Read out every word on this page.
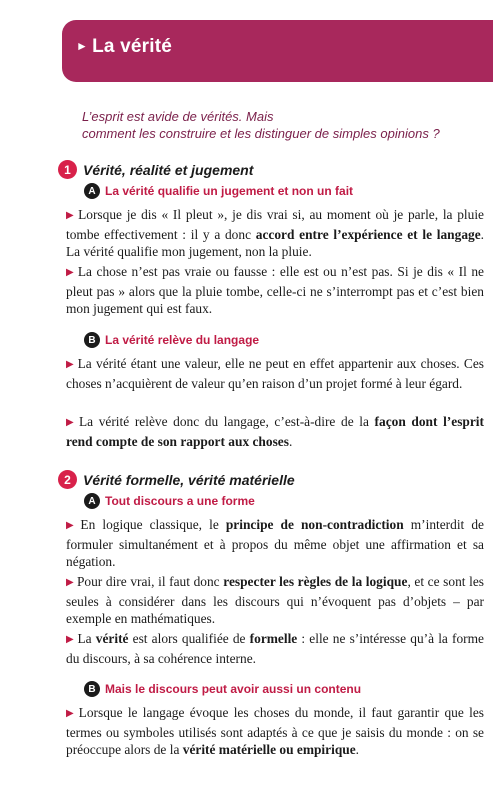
► La vérité
L’esprit est avide de vérités. Mais
comment les construire et les distinguer de simples opinions ?
1 Vérité, réalité et jugement
A La vérité qualifie un jugement et non un fait
▶ Lorsque je dis « Il pleut », je dis vrai si, au moment où je parle, la pluie tombe effectivement : il y a donc accord entre l’expérience et le langage. La vérité qualifie mon jugement, non la pluie.
▶ La chose n’est pas vraie ou fausse : elle est ou n’est pas. Si je dis « Il ne pleut pas » alors que la pluie tombe, celle-ci ne s’interrompt pas et c’est bien mon jugement qui est faux.
B La vérité relève du langage
▶ La vérité étant une valeur, elle ne peut en effet appartenir aux choses. Ces choses n’acquièrent de valeur qu’en raison d’un projet formé à leur égard.
▶ La vérité relève donc du langage, c’est-à-dire de la façon dont l’esprit rend compte de son rapport aux choses.
2 Vérité formelle, vérité matérielle
A Tout discours a une forme
▶ En logique classique, le principe de non-contradiction m’interdit de formuler simultanément et à propos du même objet une affirmation et sa négation.
▶ Pour dire vrai, il faut donc respecter les règles de la logique, et ce sont les seules à considérer dans les discours qui n’évoquent pas d’objets – par exemple en mathématiques.
▶ La vérité est alors qualifiée de formelle : elle ne s’intéresse qu’à la forme du discours, à sa cohérence interne.
B Mais le discours peut avoir aussi un contenu
▶ Lorsque le langage évoque les choses du monde, il faut garantir que les termes ou symboles utilisés sont adaptés à ce que je saisis du monde : on se préoccupe alors de la vérité matérielle ou empirique.
